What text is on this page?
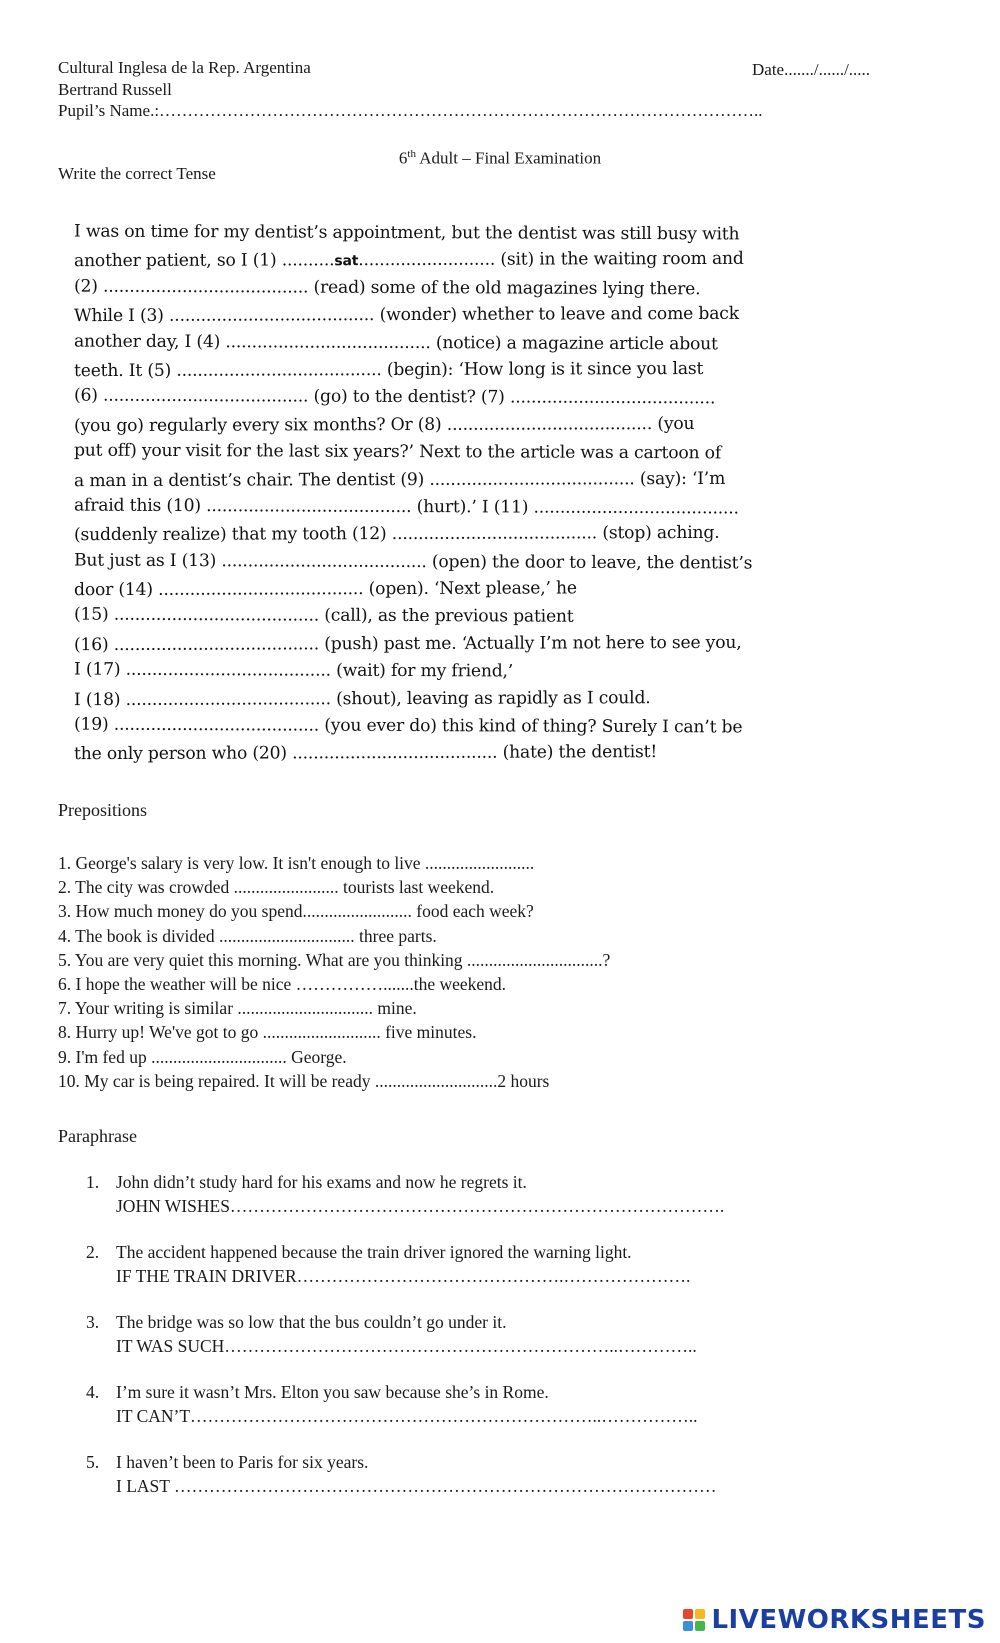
Cultural Inglesa de la Rep. Argentina
Bertrand Russell
Pupil’s Name.:……………………………………………………………………………………………..
Date......./....../.....
6th Adult – Final Examination
Write the correct Tense
I was on time for my dentist’s appointment, but the dentist was still busy with
another patient, so I (1) ..........sat.......................... (sit) in the waiting room and
(2) ....................................... (read) some of the old magazines lying there.
While I (3) ....................................... (wonder) whether to leave and come back
another day, I (4) ....................................... (notice) a magazine article about
teeth. It (5) ....................................... (begin): ‘How long is it since you last
(6) ....................................... (go) to the dentist? (7) .......................................
(you go) regularly every six months? Or (8) ....................................... (you
put off) your visit for the last six years?’ Next to the article was a cartoon of
a man in a dentist’s chair. The dentist (9) ....................................... (say): ‘I’m
afraid this (10) ....................................... (hurt).’ I (11) .......................................
(suddenly realize) that my tooth (12) ....................................... (stop) aching.
But just as I (13) ....................................... (open) the door to leave, the dentist’s
door (14) ....................................... (open). ‘Next please,’ he
(15) ....................................... (call), as the previous patient
(16) ....................................... (push) past me. ‘Actually I’m not here to see you,
I (17) ....................................... (wait) for my friend,’
I (18) ....................................... (shout), leaving as rapidly as I could.
(19) ....................................... (you ever do) this kind of thing? Surely I can’t be
the only person who (20) ....................................... (hate) the dentist!
Prepositions
1. George's salary is very low. It isn't enough to live .........................
2. The city was crowded ........................ tourists last weekend.
3. How much money do you spend......................... food each week?
4. The book is divided ............................... three parts.
5. You are very quiet this morning. What are you thinking ...............................?
6. I hope the weather will be nice …………….......the weekend.
7. Your writing is similar ............................... mine.
8. Hurry up! We've got to go ........................... five minutes.
9. I'm fed up ............................... George.
10. My car is being repaired. It will be ready ............................2 hours
Paraphrase
1. John didn’t study hard for his exams and now he regrets it.
JOHN WISHES………………………………………………………………………….
2. The accident happened because the train driver ignored the warning light.
IF THE TRAIN DRIVER……………………………………….………………….
3. The bridge was so low that the bus couldn’t go under it.
IT WAS SUCH…………………………………………………………..…………..
4. I’m sure it wasn’t Mrs. Elton you saw because she’s in Rome.
IT CAN’T……………………………………………………………..……………..
5. I haven’t been to Paris for six years.
I LAST …………………………………………………………………………………
LIVEWORKSHEETS
